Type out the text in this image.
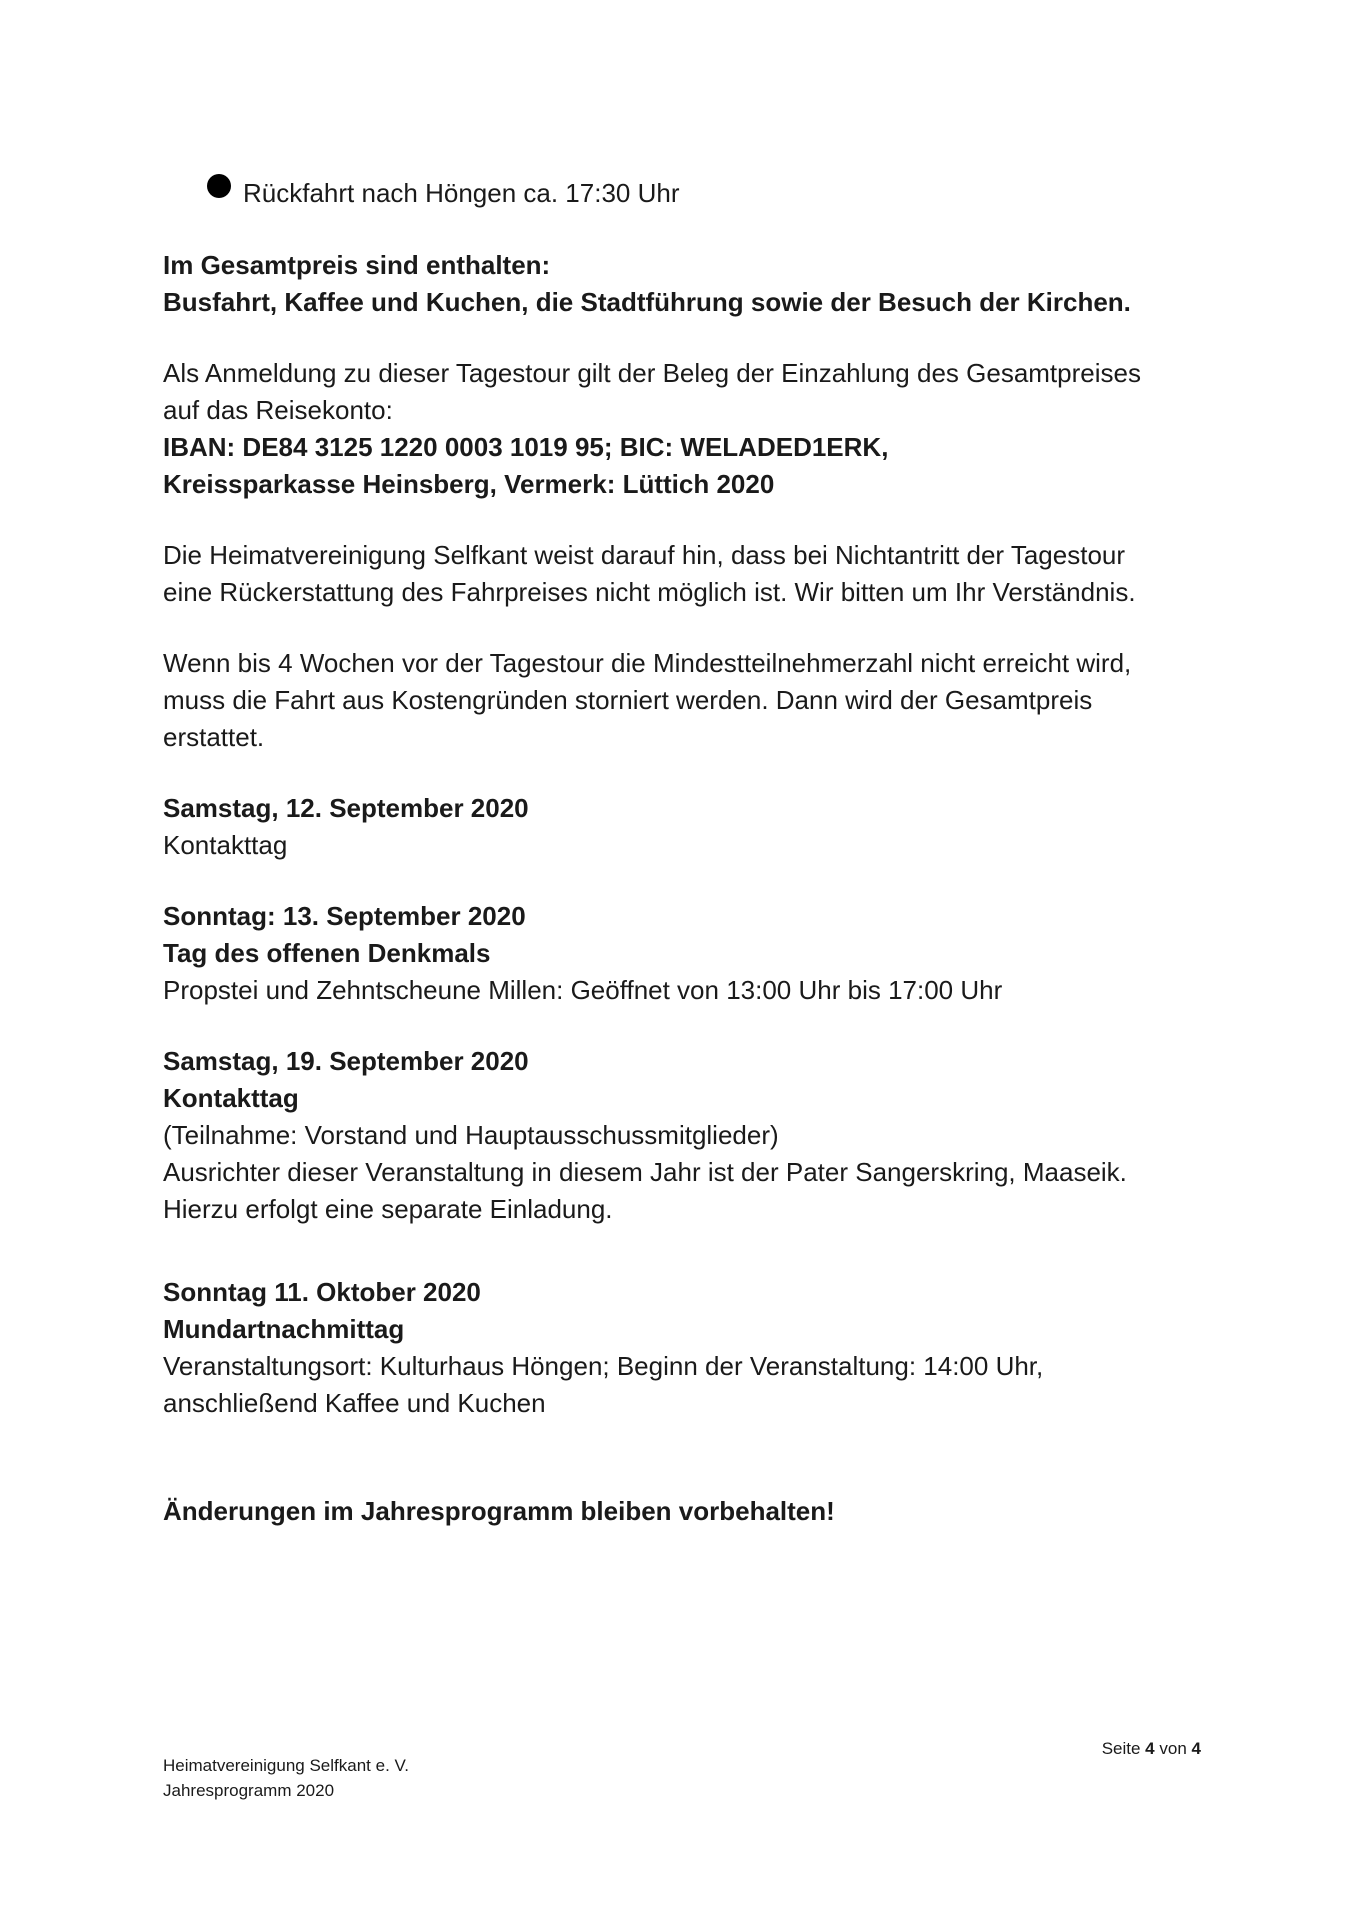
Rückfahrt nach Höngen ca. 17:30 Uhr
Im Gesamtpreis sind enthalten:
Busfahrt, Kaffee und Kuchen, die Stadtführung sowie der Besuch der Kirchen.
Als Anmeldung zu dieser Tagestour gilt der Beleg der Einzahlung des Gesamtpreises
auf das Reisekonto:
IBAN: DE84 3125 1220 0003 1019 95; BIC: WELADED1ERK,
Kreissparkasse Heinsberg, Vermerk: Lüttich 2020
Die Heimatvereinigung Selfkant weist darauf hin, dass bei Nichtantritt der Tagestour
eine Rückerstattung des Fahrpreises nicht möglich ist. Wir bitten um Ihr Verständnis.
Wenn bis 4 Wochen vor der Tagestour die Mindestteilnehmerzahl nicht erreicht wird,
muss die Fahrt aus Kostengründen storniert werden. Dann wird der Gesamtpreis
erstattet.
Samstag, 12. September 2020
Kontakttag
Sonntag: 13. September 2020
Tag des offenen Denkmals
Propstei und Zehntscheune Millen: Geöffnet von 13:00 Uhr bis 17:00 Uhr
Samstag, 19. September 2020
Kontakttag
(Teilnahme: Vorstand und Hauptausschussmitglieder)
Ausrichter dieser Veranstaltung in diesem Jahr ist der Pater Sangerskring, Maaseik.
Hierzu erfolgt eine separate Einladung.
Sonntag 11. Oktober 2020
Mundartnachmittag
Veranstaltungsort: Kulturhaus Höngen; Beginn der Veranstaltung: 14:00 Uhr,
anschließend Kaffee und Kuchen
Änderungen im Jahresprogramm bleiben vorbehalten!
Seite 4 von 4
Heimatvereinigung Selfkant e. V.
Jahresprogramm 2020
